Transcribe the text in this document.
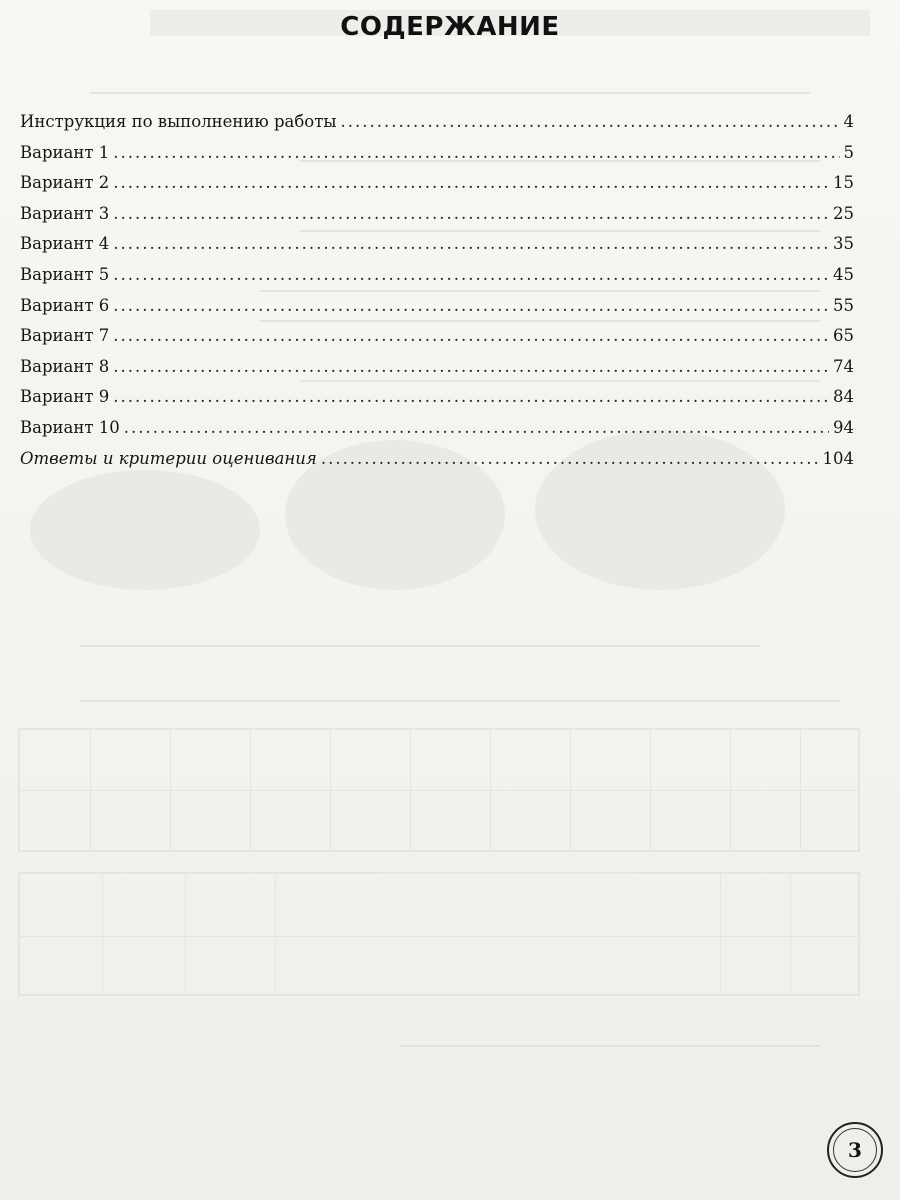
СОДЕРЖАНИЕ
Инструкция по выполнению работы .....	4
Вариант 1 .....	5
Вариант 2 .....	15
Вариант 3 .....	25
Вариант 4 .....	35
Вариант 5 .....	45
Вариант 6 .....	55
Вариант 7 .....	65
Вариант 8 .....	74
Вариант 9 .....	84
Вариант 10 .....	94
Ответы и критерии оценивания .....	104
3
